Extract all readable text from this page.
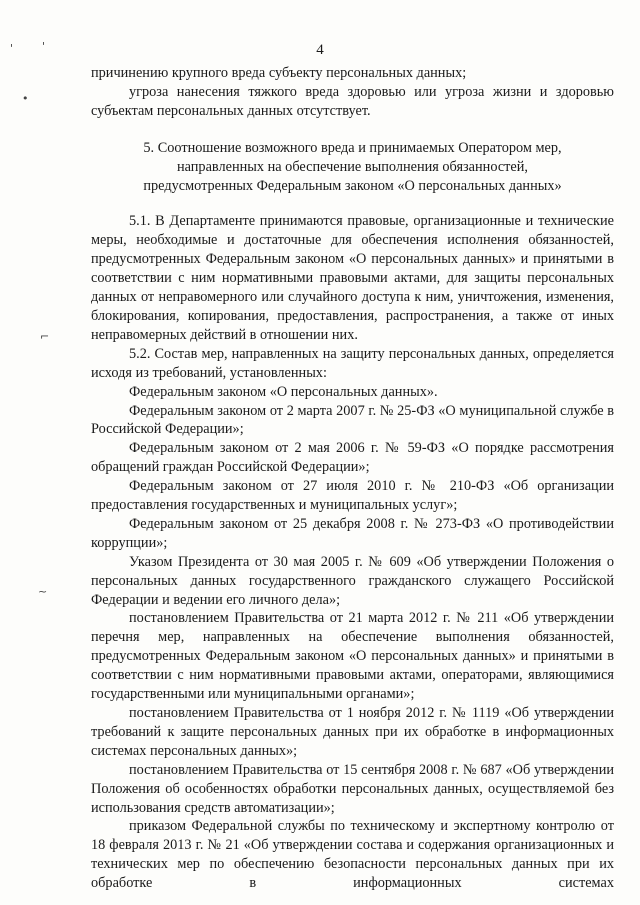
'	'
•
⌐
~
4

причинению крупного вреда субъекту персональных данных;

угроза нанесения тяжкого вреда здоровью или угроза жизни и здоровью субъектам персональных данных отсутствует.

5. Соотношение возможного вреда и принимаемых Оператором мер,
направленных на обеспечение выполнения обязанностей,
предусмотренных Федеральным законом «О персональных данных»

5.1. В Департаменте принимаются правовые, организационные и технические меры, необходимые и достаточные для обеспечения исполнения обязанностей, предусмотренных Федеральным законом «О персональных данных» и принятыми в соответствии с ним нормативными правовыми актами, для защиты персональных данных от неправомерного или случайного доступа к ним, уничтожения, изменения, блокирования, копирования, предоставления, распространения, а также от иных неправомерных действий в отношении них.

5.2. Состав мер, направленных на защиту персональных данных, определяется исходя из требований, установленных:

Федеральным законом «О персональных данных».

Федеральным законом от 2 марта 2007 г. № 25-ФЗ «О муниципальной службе в Российской Федерации»;

Федеральным законом от 2 мая 2006 г. № 59-ФЗ «О порядке рассмотрения обращений граждан Российской Федерации»;

Федеральным законом от 27 июля 2010 г. № 210-ФЗ «Об организации предоставления государственных и муниципальных услуг»;

Федеральным законом от 25 декабря 2008 г. № 273-ФЗ «О противодействии коррупции»;

Указом Президента от 30 мая 2005 г. № 609 «Об утверждении Положения о персональных данных государственного гражданского служащего Российской Федерации и ведении его личного дела»;

постановлением Правительства от 21 марта 2012 г. № 211 «Об утверждении перечня мер, направленных на обеспечение выполнения обязанностей, предусмотренных Федеральным законом «О персональных данных» и принятыми в соответствии с ним нормативными правовыми актами, операторами, являющимися государственными или муниципальными органами»;

постановлением Правительства от 1 ноября 2012 г. № 1119 «Об утверждении требований к защите персональных данных при их обработке в информационных системах персональных данных»;

постановлением Правительства от 15 сентября 2008 г. № 687 «Об утверждении Положения об особенностях обработки персональных данных, осуществляемой без использования средств автоматизации»;

приказом Федеральной службы по техническому и экспертному контролю от 18 февраля 2013 г. № 21 «Об утверждении состава и содержания организационных и технических мер по обеспечению безопасности персональных данных при их обработке в информационных системах
